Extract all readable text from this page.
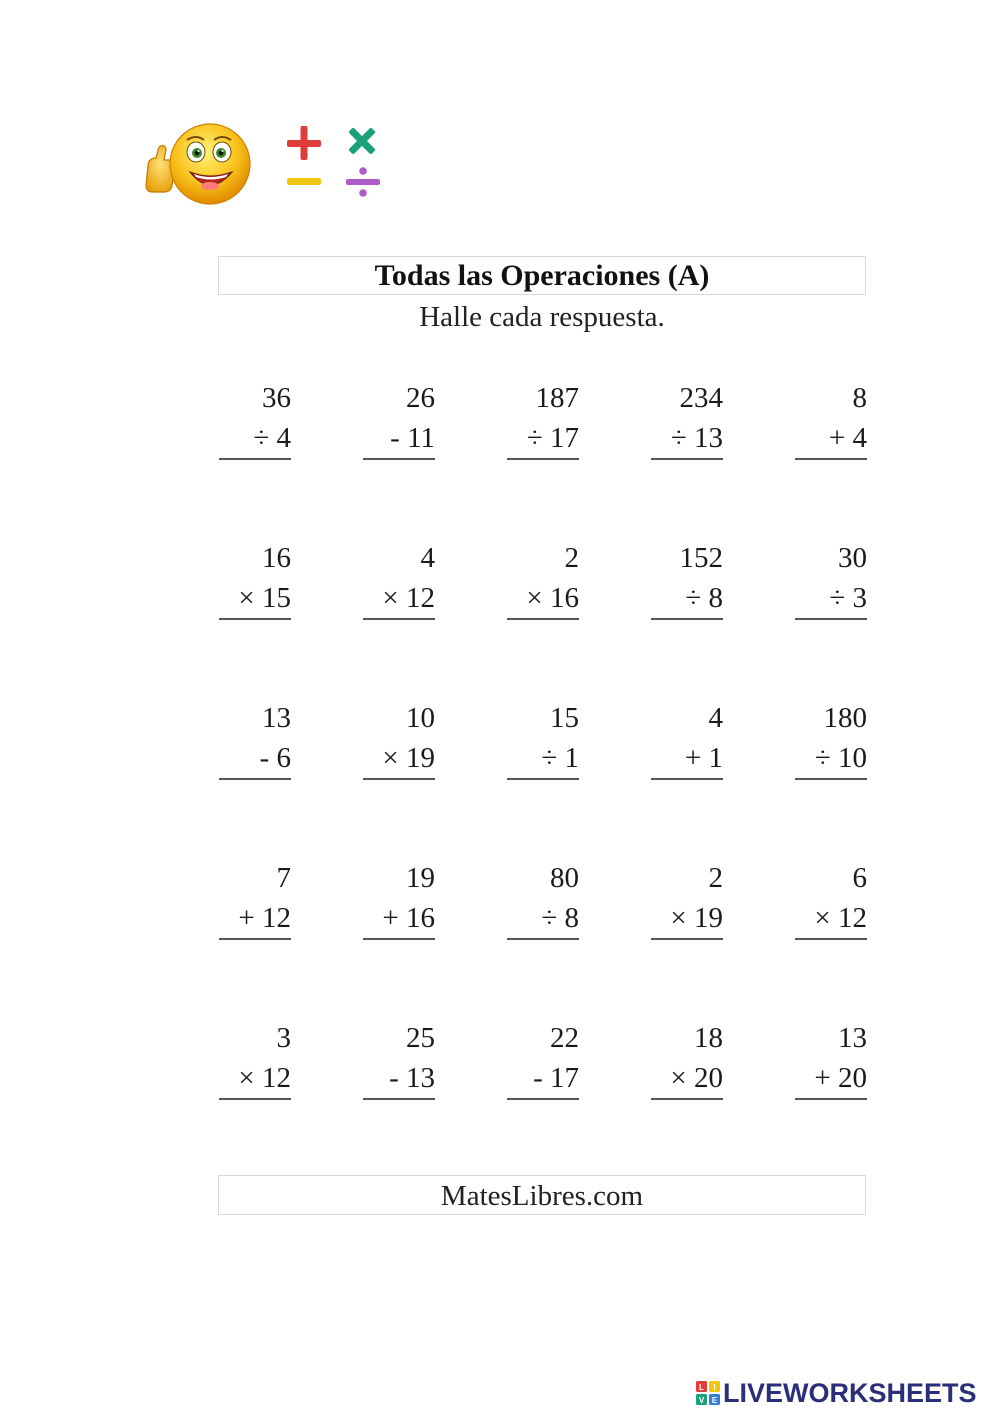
Todas las Operaciones (A)
Halle cada respuesta.
36
÷ 4
26
- 11
187
÷ 17
234
÷ 13
8
+ 4
16
× 15
4
× 12
2
× 16
152
÷ 8
30
÷ 3
13
- 6
10
× 19
15
÷ 1
4
+ 1
180
÷ 10
7
+ 12
19
+ 16
80
÷ 8
2
× 19
6
× 12
3
× 12
25
- 13
22
- 17
18
× 20
13
+ 20
MatesLibres.com
L I
V E LIVEWORKSHEETS
